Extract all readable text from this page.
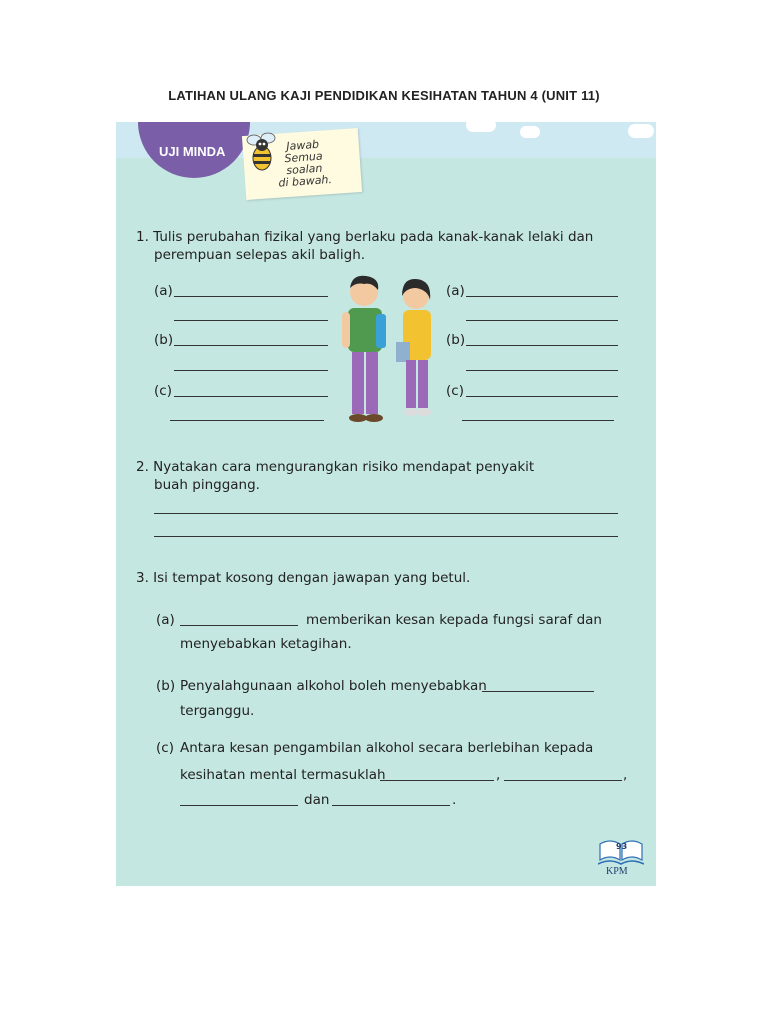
LATIHAN ULANG KAJI PENDIDIKAN KESIHATAN TAHUN 4 (UNIT 11)
UJI MINDA	Jawab
Semua soalan
di bawah.
1. Tulis perubahan fizikal yang berlaku pada kanak-kanak lelaki dan
perempuan selepas akil baligh.
(a)
(b)
(c)
(a)
(b)
(c)
2. Nyatakan cara mengurangkan risiko mendapat penyakit
buah pinggang.
3. Isi tempat kosong dengan jawapan yang betul.
(a)	memberikan kesan kepada fungsi saraf dan
menyebabkan ketagihan.
(b) Penyalahgunaan alkohol boleh menyebabkan
terganggu.
(c) Antara kesan pengambilan alkohol secara berlebihan kepada
kesihatan mental termasuklah	,	,
dan	.
93
KPM
